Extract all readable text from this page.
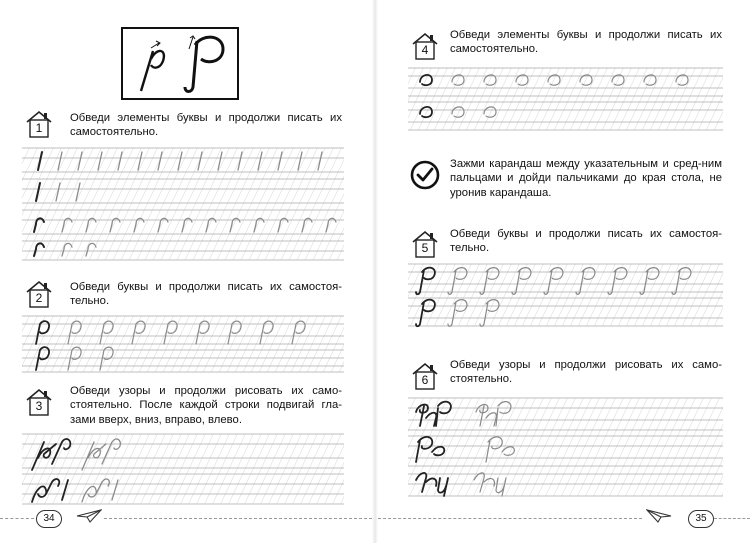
1
Обведи элементы буквы и продолжи писать их самостоятельно.
2
Обведи буквы и продолжи писать их самостоя-тельно.
3
Обведи узоры и продолжи рисовать их само-стоятельно. После каждой строки подвигай гла-зами вверх, вниз, вправо, влево.
34
4
Обведи элементы буквы и продолжи писать их самостоятельно.
Зажми карандаш между указательным и сред-ним пальцами и дойди пальчиками до края стола, не уронив карандаша.
5
Обведи буквы и продолжи писать их самостоя-тельно.
6
Обведи узоры и продолжи рисовать их само-стоятельно.
35
